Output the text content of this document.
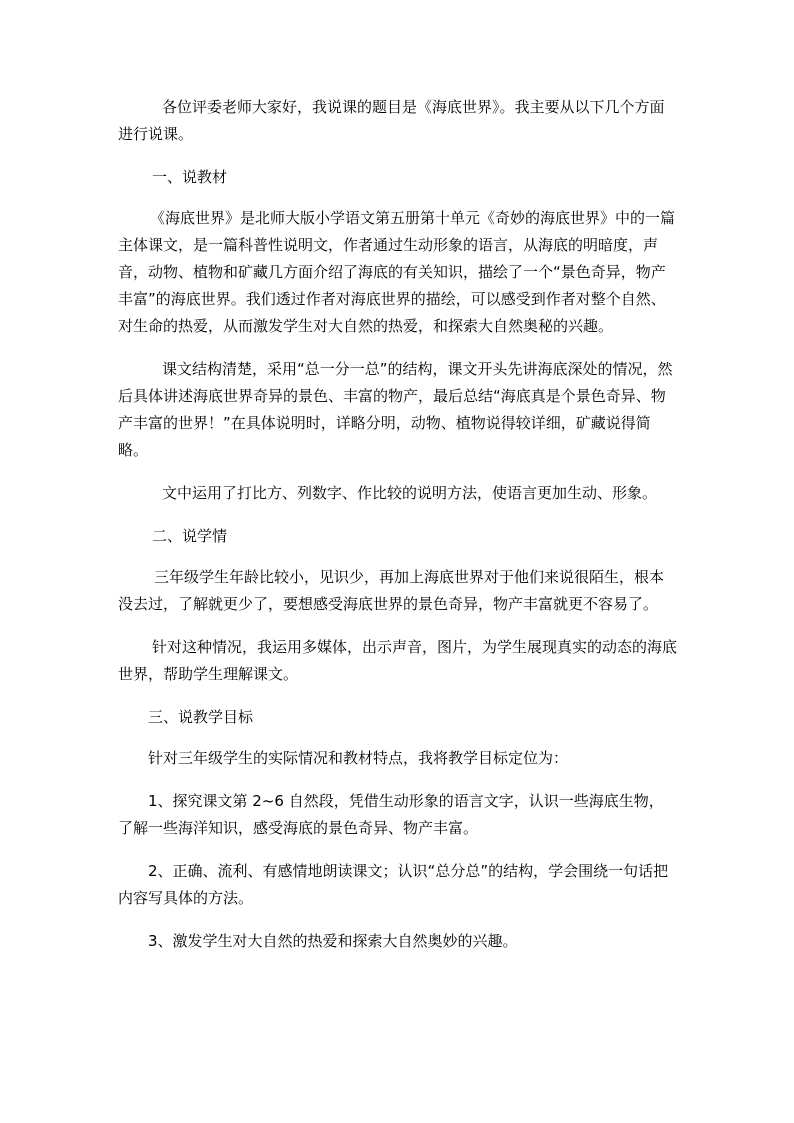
各位评委老师大家好，我说课的题目是《海底世界》。我主要从以下几个方面进行说课。

一、说教材

《海底世界》是北师大版小学语文第五册第十单元《奇妙的海底世界》中的一篇主体课文，是一篇科普性说明文，作者通过生动形象的语言，从海底的明暗度，声音，动物、植物和矿藏几方面介绍了海底的有关知识，描绘了一个“景色奇异，物产丰富”的海底世界。我们透过作者对海底世界的描绘，可以感受到作者对整个自然、对生命的热爱，从而激发学生对大自然的热爱，和探索大自然奥秘的兴趣。

课文结构清楚，采用“总一分一总”的结构，课文开头先讲海底深处的情况，然后具体讲述海底世界奇异的景色、丰富的物产，最后总结“海底真是个景色奇异、物产丰富的世界！”在具体说明时，详略分明，动物、植物说得较详细，矿藏说得简略。

文中运用了打比方、列数字、作比较的说明方法，使语言更加生动、形象。

二、说学情

三年级学生年龄比较小，见识少，再加上海底世界对于他们来说很陌生，根本没去过，了解就更少了，要想感受海底世界的景色奇异，物产丰富就更不容易了。

针对这种情况，我运用多媒体，出示声音，图片，为学生展现真实的动态的海底世界，帮助学生理解课文。

三、说教学目标

针对三年级学生的实际情况和教材特点，我将教学目标定位为：

1、探究课文第 2~6 自然段，凭借生动形象的语言文字，认识一些海底生物，了解一些海洋知识，感受海底的景色奇异、物产丰富。

2、正确、流利、有感情地朗读课文；认识“总分总”的结构，学会围绕一句话把内容写具体的方法。

3、激发学生对大自然的热爱和探索大自然奥妙的兴趣。
